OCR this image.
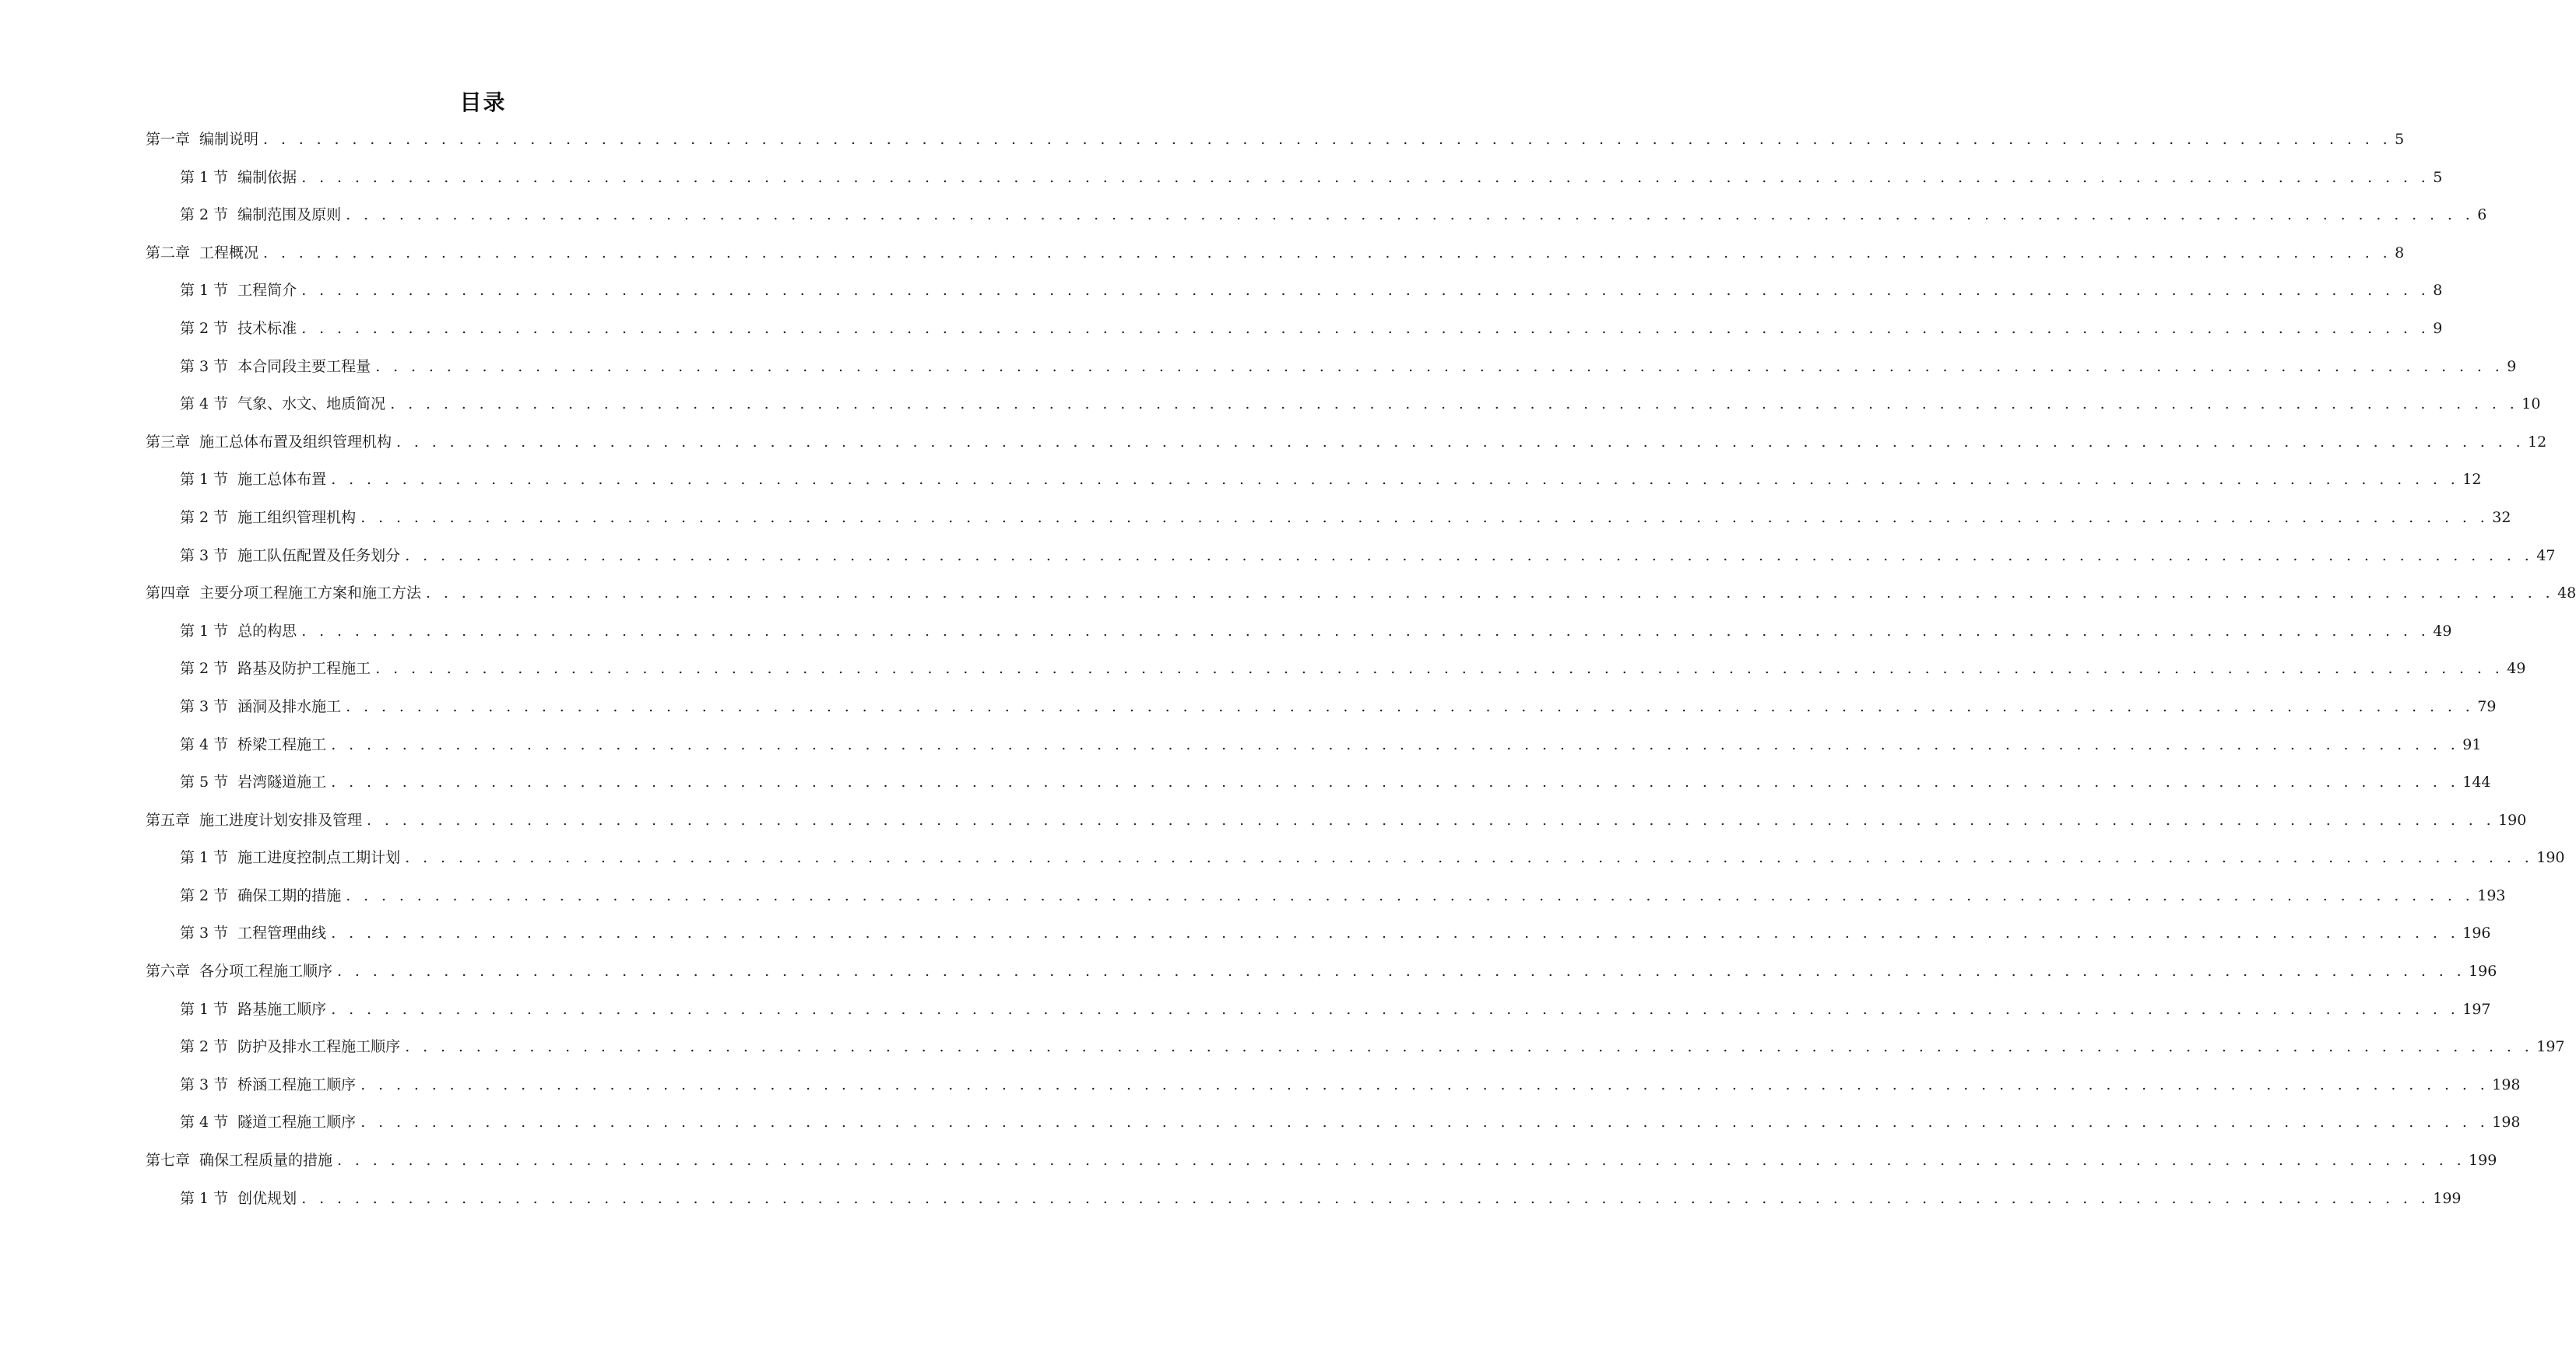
目录
第一章 编制说明 . . . . . . . . . . . . . . . . . . . . . . . . . . . . . . . . . . . . . . . . . . . . . . . . . . . . . . . . . . . . . . . . . . . . . . . . . . . . . . . . . . . . . . . . . . . . . . . . . . . . . . . . . . . . . . . . . . . . . . . . 5
第 1 节 编制依据 . . . . . . . . . . . . . . . . . . . . . . . . . . . . . . . . . . . . . . . . . . . . . . . . . . . . . . . . . . . . . . . . . . . . . . . . . . . . . . . . . . . . . . . . . . . . . . . . . . . . . . . . . . . . . . . . . . . . . . . . 5
第 2 节 编制范围及原则 . . . . . . . . . . . . . . . . . . . . . . . . . . . . . . . . . . . . . . . . . . . . . . . . . . . . . . . . . . . . . . . . . . . . . . . . . . . . . . . . . . . . . . . . . . . . . . . . . . . . . . . . . . . . . . . . . . . . . . . . 6
第二章 工程概况 . . . . . . . . . . . . . . . . . . . . . . . . . . . . . . . . . . . . . . . . . . . . . . . . . . . . . . . . . . . . . . . . . . . . . . . . . . . . . . . . . . . . . . . . . . . . . . . . . . . . . . . . . . . . . . . . . . . . . . . . 8
第 1 节 工程简介 . . . . . . . . . . . . . . . . . . . . . . . . . . . . . . . . . . . . . . . . . . . . . . . . . . . . . . . . . . . . . . . . . . . . . . . . . . . . . . . . . . . . . . . . . . . . . . . . . . . . . . . . . . . . . . . . . . . . . . . . 8
第 2 节 技术标准 . . . . . . . . . . . . . . . . . . . . . . . . . . . . . . . . . . . . . . . . . . . . . . . . . . . . . . . . . . . . . . . . . . . . . . . . . . . . . . . . . . . . . . . . . . . . . . . . . . . . . . . . . . . . . . . . . . . . . . . . 9
第 3 节 本合同段主要工程量 . . . . . . . . . . . . . . . . . . . . . . . . . . . . . . . . . . . . . . . . . . . . . . . . . . . . . . . . . . . . . . . . . . . . . . . . . . . . . . . . . . . . . . . . . . . . . . . . . . . . . . . . . . . . . . . . . . . . . . . . 9
第 4 节 气象、水文、地质简况 . . . . . . . . . . . . . . . . . . . . . . . . . . . . . . . . . . . . . . . . . . . . . . . . . . . . . . . . . . . . . . . . . . . . . . . . . . . . . . . . . . . . . . . . . . . . . . . . . . . . . . . . . . . . . . . . . . . . . . . . 10
第三章 施工总体布置及组织管理机构 . . . . . . . . . . . . . . . . . . . . . . . . . . . . . . . . . . . . . . . . . . . . . . . . . . . . . . . . . . . . . . . . . . . . . . . . . . . . . . . . . . . . . . . . . . . . . . . . . . . . . . . . . . . . . . . . . . . . . . . . 12
第 1 节 施工总体布置 . . . . . . . . . . . . . . . . . . . . . . . . . . . . . . . . . . . . . . . . . . . . . . . . . . . . . . . . . . . . . . . . . . . . . . . . . . . . . . . . . . . . . . . . . . . . . . . . . . . . . . . . . . . . . . . . . . . . . . . . 12
第 2 节 施工组织管理机构 . . . . . . . . . . . . . . . . . . . . . . . . . . . . . . . . . . . . . . . . . . . . . . . . . . . . . . . . . . . . . . . . . . . . . . . . . . . . . . . . . . . . . . . . . . . . . . . . . . . . . . . . . . . . . . . . . . . . . . . . 32
第 3 节 施工队伍配置及任务划分 . . . . . . . . . . . . . . . . . . . . . . . . . . . . . . . . . . . . . . . . . . . . . . . . . . . . . . . . . . . . . . . . . . . . . . . . . . . . . . . . . . . . . . . . . . . . . . . . . . . . . . . . . . . . . . . . . . . . . . . . 47
第四章 主要分项工程施工方案和施工方法 . . . . . . . . . . . . . . . . . . . . . . . . . . . . . . . . . . . . . . . . . . . . . . . . . . . . . . . . . . . . . . . . . . . . . . . . . . . . . . . . . . . . . . . . . . . . . . . . . . . . . . . . . . . . . . . . . . . . . . . . 48
第 1 节 总的构思 . . . . . . . . . . . . . . . . . . . . . . . . . . . . . . . . . . . . . . . . . . . . . . . . . . . . . . . . . . . . . . . . . . . . . . . . . . . . . . . . . . . . . . . . . . . . . . . . . . . . . . . . . . . . . . . . . . . . . . . . 49
第 2 节 路基及防护工程施工 . . . . . . . . . . . . . . . . . . . . . . . . . . . . . . . . . . . . . . . . . . . . . . . . . . . . . . . . . . . . . . . . . . . . . . . . . . . . . . . . . . . . . . . . . . . . . . . . . . . . . . . . . . . . . . . . . . . . . . . . 49
第 3 节 涵洞及排水施工 . . . . . . . . . . . . . . . . . . . . . . . . . . . . . . . . . . . . . . . . . . . . . . . . . . . . . . . . . . . . . . . . . . . . . . . . . . . . . . . . . . . . . . . . . . . . . . . . . . . . . . . . . . . . . . . . . . . . . . . . 79
第 4 节 桥梁工程施工 . . . . . . . . . . . . . . . . . . . . . . . . . . . . . . . . . . . . . . . . . . . . . . . . . . . . . . . . . . . . . . . . . . . . . . . . . . . . . . . . . . . . . . . . . . . . . . . . . . . . . . . . . . . . . . . . . . . . . . . . 91
第 5 节 岩湾隧道施工 . . . . . . . . . . . . . . . . . . . . . . . . . . . . . . . . . . . . . . . . . . . . . . . . . . . . . . . . . . . . . . . . . . . . . . . . . . . . . . . . . . . . . . . . . . . . . . . . . . . . . . . . . . . . . . . . . . . . . . . . 144
第五章 施工进度计划安排及管理 . . . . . . . . . . . . . . . . . . . . . . . . . . . . . . . . . . . . . . . . . . . . . . . . . . . . . . . . . . . . . . . . . . . . . . . . . . . . . . . . . . . . . . . . . . . . . . . . . . . . . . . . . . . . . . . . . . . . . . . . 190
第 1 节 施工进度控制点工期计划 . . . . . . . . . . . . . . . . . . . . . . . . . . . . . . . . . . . . . . . . . . . . . . . . . . . . . . . . . . . . . . . . . . . . . . . . . . . . . . . . . . . . . . . . . . . . . . . . . . . . . . . . . . . . . . . . . . . . . . . . 190
第 2 节 确保工期的措施 . . . . . . . . . . . . . . . . . . . . . . . . . . . . . . . . . . . . . . . . . . . . . . . . . . . . . . . . . . . . . . . . . . . . . . . . . . . . . . . . . . . . . . . . . . . . . . . . . . . . . . . . . . . . . . . . . . . . . . . . 193
第 3 节 工程管理曲线 . . . . . . . . . . . . . . . . . . . . . . . . . . . . . . . . . . . . . . . . . . . . . . . . . . . . . . . . . . . . . . . . . . . . . . . . . . . . . . . . . . . . . . . . . . . . . . . . . . . . . . . . . . . . . . . . . . . . . . . . 196
第六章 各分项工程施工顺序 . . . . . . . . . . . . . . . . . . . . . . . . . . . . . . . . . . . . . . . . . . . . . . . . . . . . . . . . . . . . . . . . . . . . . . . . . . . . . . . . . . . . . . . . . . . . . . . . . . . . . . . . . . . . . . . . . . . . . . . . 196
第 1 节 路基施工顺序 . . . . . . . . . . . . . . . . . . . . . . . . . . . . . . . . . . . . . . . . . . . . . . . . . . . . . . . . . . . . . . . . . . . . . . . . . . . . . . . . . . . . . . . . . . . . . . . . . . . . . . . . . . . . . . . . . . . . . . . . 197
第 2 节 防护及排水工程施工顺序 . . . . . . . . . . . . . . . . . . . . . . . . . . . . . . . . . . . . . . . . . . . . . . . . . . . . . . . . . . . . . . . . . . . . . . . . . . . . . . . . . . . . . . . . . . . . . . . . . . . . . . . . . . . . . . . . . . . . . . . . 197
第 3 节 桥涵工程施工顺序 . . . . . . . . . . . . . . . . . . . . . . . . . . . . . . . . . . . . . . . . . . . . . . . . . . . . . . . . . . . . . . . . . . . . . . . . . . . . . . . . . . . . . . . . . . . . . . . . . . . . . . . . . . . . . . . . . . . . . . . . 198
第 4 节 隧道工程施工顺序 . . . . . . . . . . . . . . . . . . . . . . . . . . . . . . . . . . . . . . . . . . . . . . . . . . . . . . . . . . . . . . . . . . . . . . . . . . . . . . . . . . . . . . . . . . . . . . . . . . . . . . . . . . . . . . . . . . . . . . . . 198
第七章 确保工程质量的措施 . . . . . . . . . . . . . . . . . . . . . . . . . . . . . . . . . . . . . . . . . . . . . . . . . . . . . . . . . . . . . . . . . . . . . . . . . . . . . . . . . . . . . . . . . . . . . . . . . . . . . . . . . . . . . . . . . . . . . . . . 199
第 1 节 创优规划 . . . . . . . . . . . . . . . . . . . . . . . . . . . . . . . . . . . . . . . . . . . . . . . . . . . . . . . . . . . . . . . . . . . . . . . . . . . . . . . . . . . . . . . . . . . . . . . . . . . . . . . . . . . . . . . . . . . . . . . . 199
